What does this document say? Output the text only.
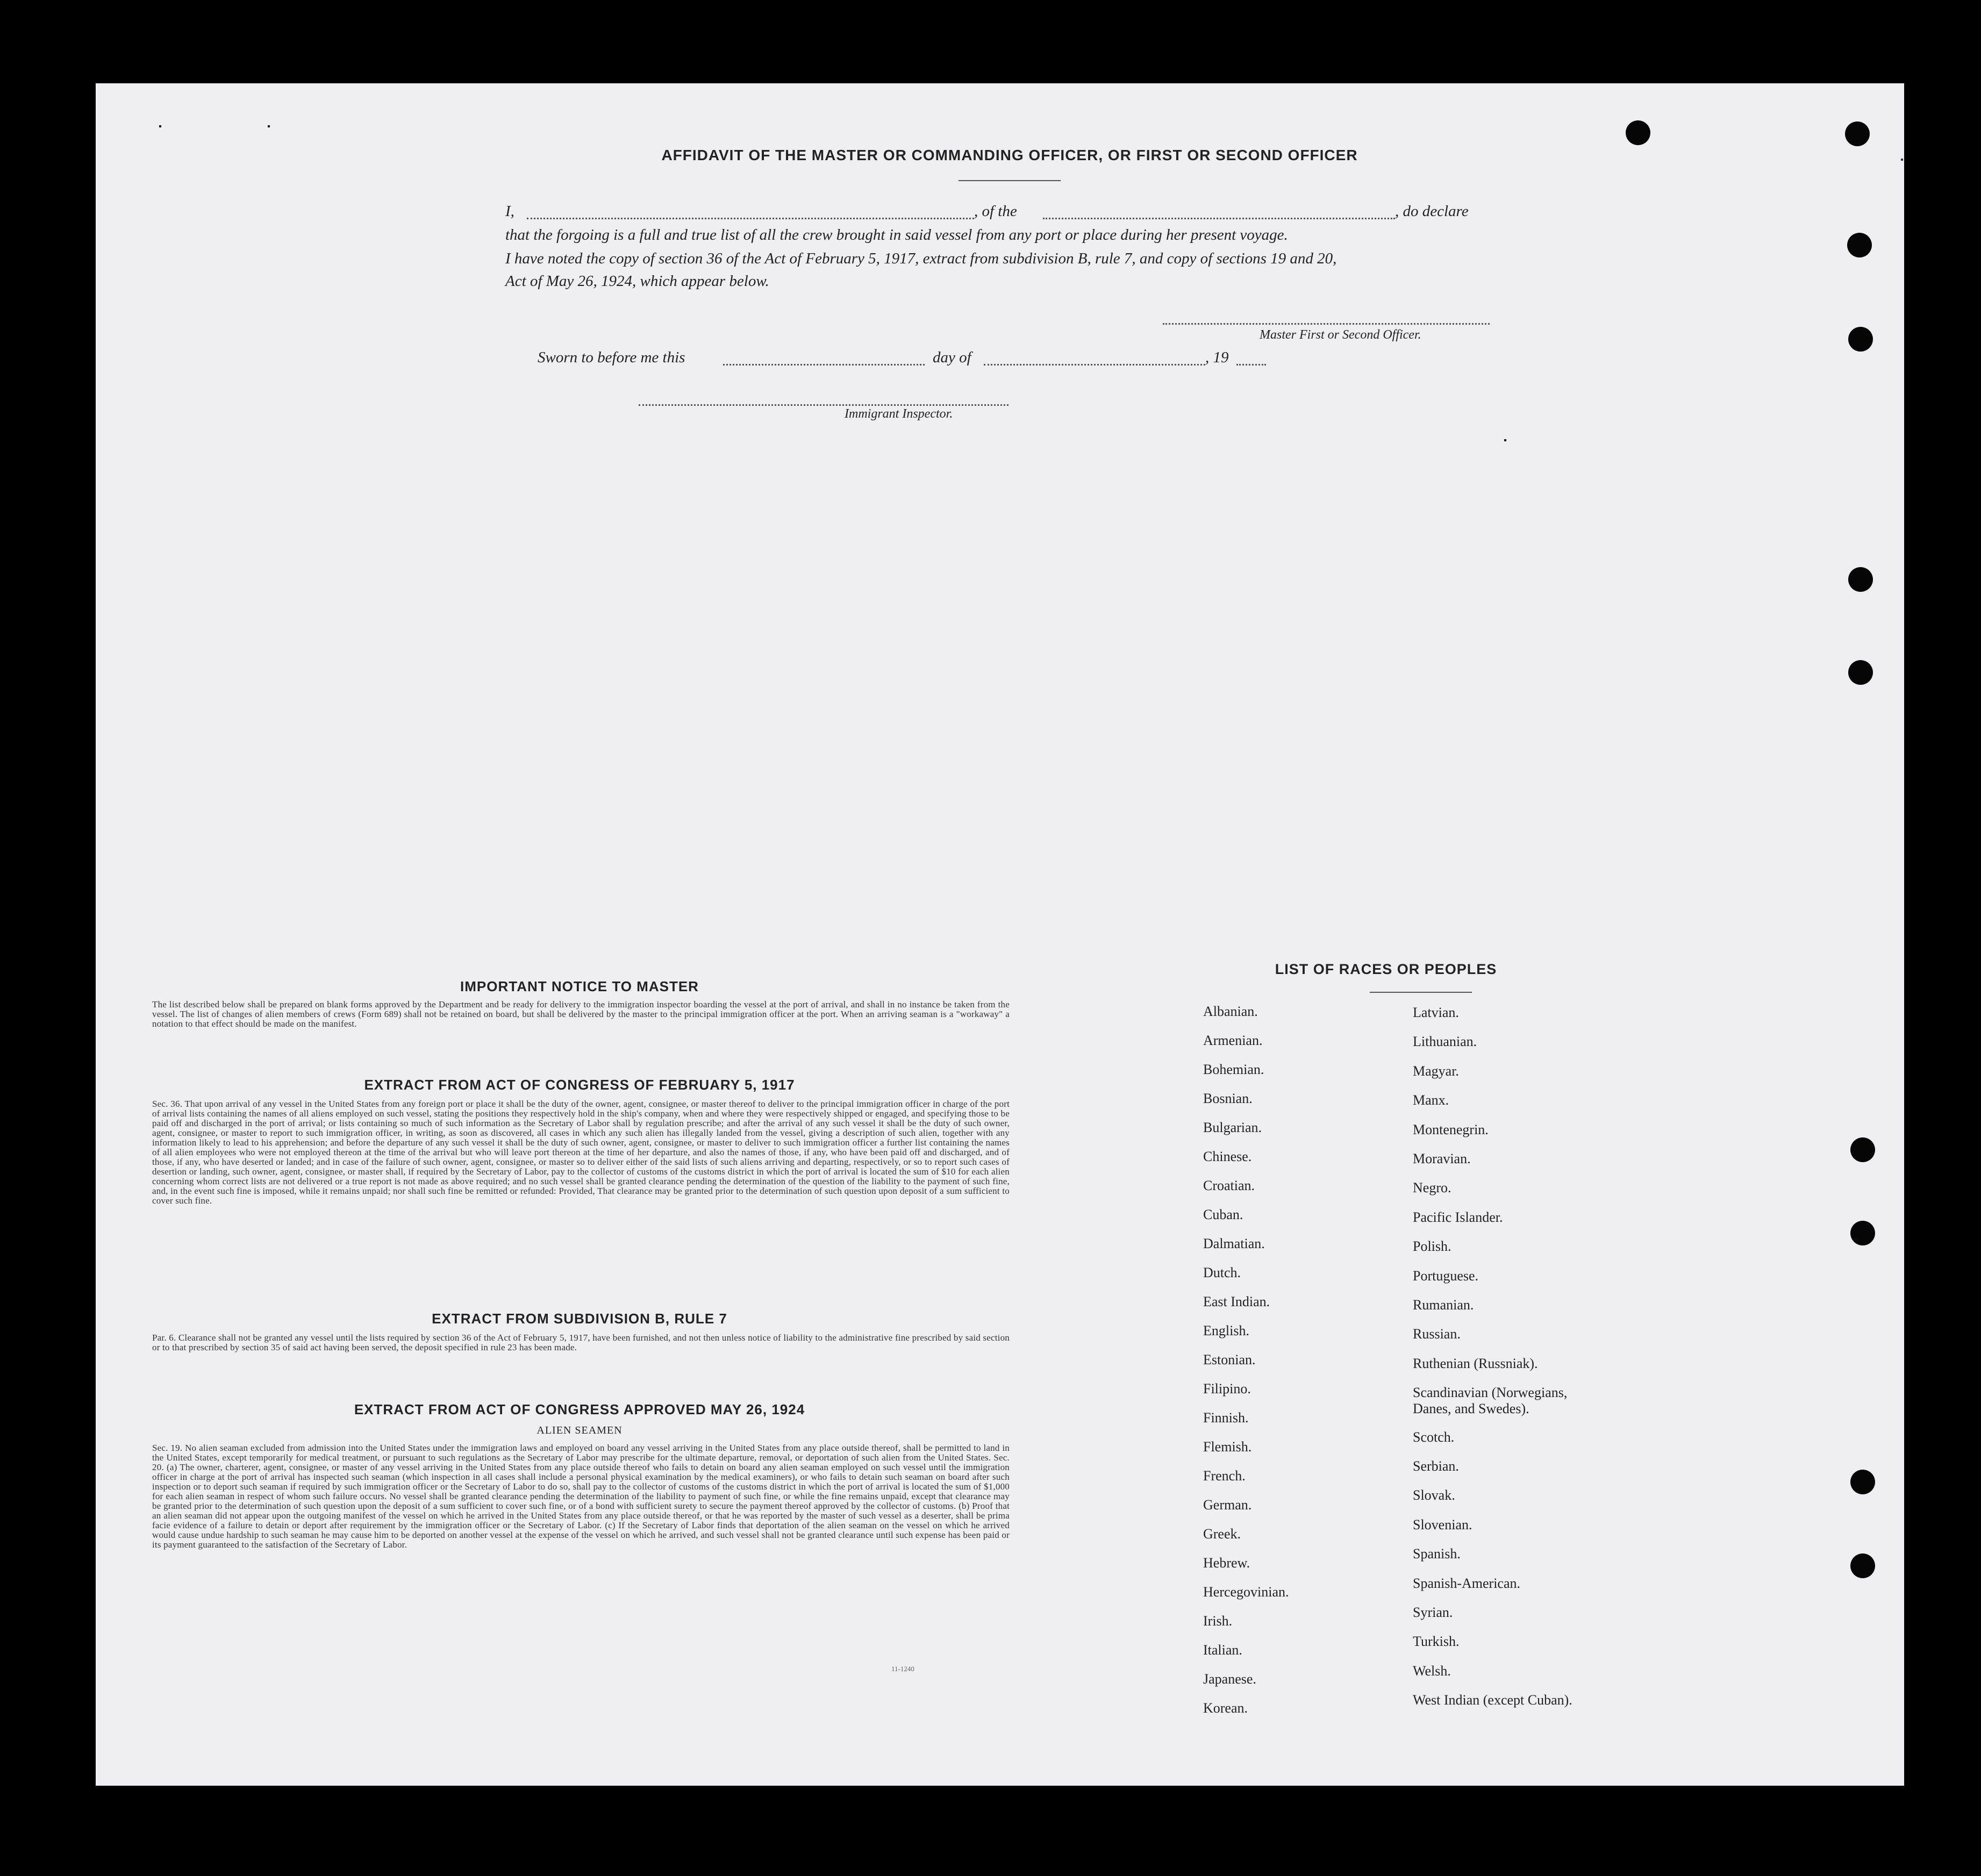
AFFIDAVIT OF THE MASTER OR COMMANDING OFFICER, OR FIRST OR SECOND OFFICER
I,	, of the	, do declare
that the forgoing is a full and true list of all the crew brought in said vessel from any port or place during her present voyage.
I have noted the copy of section 36 of the Act of February 5, 1917, extract from subdivision B, rule 7, and copy of sections 19 and 20,
Act of May 26, 1924, which appear below.
Master First or Second Officer.
Sworn to before me this	day of	, 19
Immigrant Inspector.
IMPORTANT NOTICE TO MASTER
The list described below shall be prepared on blank forms approved by the Department and be ready for delivery to the immigration inspector boarding the vessel at the port of arrival, and shall in no instance be taken from the vessel. The list of changes of alien members of crews (Form 689) shall not be retained on board, but shall be delivered by the master to the principal immigration officer at the port. When an arriving seaman is a "workaway" a notation to that effect should be made on the manifest.
EXTRACT FROM ACT OF CONGRESS OF FEBRUARY 5, 1917
Sec. 36. That upon arrival of any vessel in the United States from any foreign port or place it shall be the duty of the owner, agent, consignee, or master thereof to deliver to the principal immigration officer in charge of the port of arrival lists containing the names of all aliens employed on such vessel, stating the positions they respectively hold in the ship's company, when and where they were respectively shipped or engaged, and specifying those to be paid off and discharged in the port of arrival; or lists containing so much of such information as the Secretary of Labor shall by regulation prescribe; and after the arrival of any such vessel it shall be the duty of such owner, agent, consignee, or master to report to such immigration officer, in writing, as soon as discovered, all cases in which any such alien has illegally landed from the vessel, giving a description of such alien, together with any information likely to lead to his apprehension; and before the departure of any such vessel it shall be the duty of such owner, agent, consignee, or master to deliver to such immigration officer a further list containing the names of all alien employees who were not employed thereon at the time of the arrival but who will leave port thereon at the time of her departure, and also the names of those, if any, who have been paid off and discharged, and of those, if any, who have deserted or landed; and in case of the failure of such owner, agent, consignee, or master so to deliver either of the said lists of such aliens arriving and departing, respectively, or so to report such cases of desertion or landing, such owner, agent, consignee, or master shall, if required by the Secretary of Labor, pay to the collector of customs of the customs district in which the port of arrival is located the sum of $10 for each alien concerning whom correct lists are not delivered or a true report is not made as above required; and no such vessel shall be granted clearance pending the determination of the question of the liability to the payment of such fine, and, in the event such fine is imposed, while it remains unpaid; nor shall such fine be remitted or refunded: Provided, That clearance may be granted prior to the determination of such question upon deposit of a sum sufficient to cover such fine.
EXTRACT FROM SUBDIVISION B, RULE 7
Par. 6. Clearance shall not be granted any vessel until the lists required by section 36 of the Act of February 5, 1917, have been furnished, and not then unless notice of liability to the administrative fine prescribed by said section or to that prescribed by section 35 of said act having been served, the deposit specified in rule 23 has been made.
EXTRACT FROM ACT OF CONGRESS APPROVED MAY 26, 1924
ALIEN SEAMEN
Sec. 19. No alien seaman excluded from admission into the United States under the immigration laws and employed on board any vessel arriving in the United States from any place outside thereof, shall be permitted to land in the United States, except temporarily for medical treatment, or pursuant to such regulations as the Secretary of Labor may prescribe for the ultimate departure, removal, or deportation of such alien from the United States. Sec. 20. (a) The owner, charterer, agent, consignee, or master of any vessel arriving in the United States from any place outside thereof who fails to detain on board any alien seaman employed on such vessel until the immigration officer in charge at the port of arrival has inspected such seaman (which inspection in all cases shall include a personal physical examination by the medical examiners), or who fails to detain such seaman on board after such inspection or to deport such seaman if required by such immigration officer or the Secretary of Labor to do so, shall pay to the collector of customs of the customs district in which the port of arrival is located the sum of $1,000 for each alien seaman in respect of whom such failure occurs. No vessel shall be granted clearance pending the determination of the liability to payment of such fine, or while the fine remains unpaid, except that clearance may be granted prior to the determination of such question upon the deposit of a sum sufficient to cover such fine, or of a bond with sufficient surety to secure the payment thereof approved by the collector of customs. (b) Proof that an alien seaman did not appear upon the outgoing manifest of the vessel on which he arrived in the United States from any place outside thereof, or that he was reported by the master of such vessel as a deserter, shall be prima facie evidence of a failure to detain or deport after requirement by the immigration officer or the Secretary of Labor. (c) If the Secretary of Labor finds that deportation of the alien seaman on the vessel on which he arrived would cause undue hardship to such seaman he may cause him to be deported on another vessel at the expense of the vessel on which he arrived, and such vessel shall not be granted clearance until such expense has been paid or its payment guaranteed to the satisfaction of the Secretary of Labor.
11-1240
LIST OF RACES OR PEOPLES
Albanian.
Armenian.
Bohemian.
Bosnian.
Bulgarian.
Chinese.
Croatian.
Cuban.
Dalmatian.
Dutch.
East Indian.
English.
Estonian.
Filipino.
Finnish.
Flemish.
French.
German.
Greek.
Hebrew.
Hercegovinian.
Irish.
Italian.
Japanese.
Korean.
Latvian.
Lithuanian.
Magyar.
Manx.
Montenegrin.
Moravian.
Negro.
Pacific Islander.
Polish.
Portuguese.
Rumanian.
Russian.
Ruthenian (Russniak).
Scandinavian (Norwegians,
Danes, and Swedes).
Scotch.
Serbian.
Slovak.
Slovenian.
Spanish.
Spanish-American.
Syrian.
Turkish.
Welsh.
West Indian (except Cuban).
